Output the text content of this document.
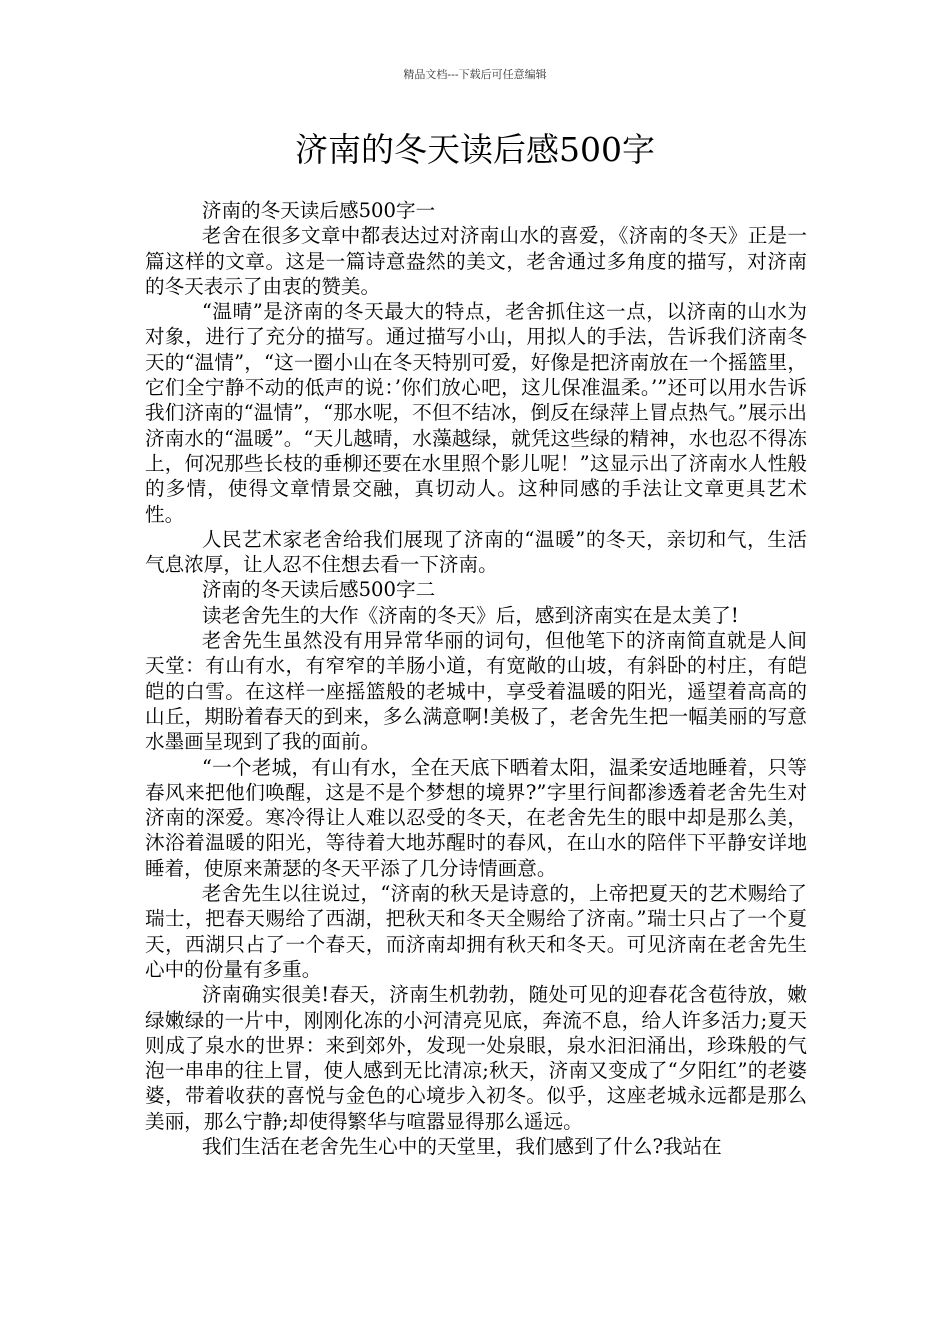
精品文档---下载后可任意编辑
济南的冬天读后感500字

济南的冬天读后感500字一

老舍在很多文章中都表达过对济南山水的喜爱，《济南的冬天》正是一篇这样的文章。这是一篇诗意盎然的美文，老舍通过多角度的描写，对济南的冬天表示了由衷的赞美。

“温晴”是济南的冬天最大的特点，老舍抓住这一点，以济南的山水为对象，进行了充分的描写。通过描写小山，用拟人的手法，告诉我们济南冬天的“温情”，“这一圈小山在冬天特别可爱，好像是把济南放在一个摇篮里，它们全宁静不动的低声的说：’你们放心吧，这儿保准温柔。’”还可以用水告诉我们济南的“温情”，“那水呢，不但不结冰，倒反在绿萍上冒点热气。”展示出济南水的“温暖”。“天儿越晴，水藻越绿，就凭这些绿的精神，水也忍不得冻上，何况那些长枝的垂柳还要在水里照个影儿呢！”这显示出了济南水人性般的多情，使得文章情景交融，真切动人。这种同感的手法让文章更具艺术性。

人民艺术家老舍给我们展现了济南的“温暖”的冬天，亲切和气，生活气息浓厚，让人忍不住想去看一下济南。

济南的冬天读后感500字二

读老舍先生的大作《济南的冬天》后，感到济南实在是太美了!

老舍先生虽然没有用异常华丽的词句，但他笔下的济南简直就是人间天堂：有山有水，有窄窄的羊肠小道，有宽敞的山坡，有斜卧的村庄，有皑皑的白雪。在这样一座摇篮般的老城中，享受着温暖的阳光，遥望着高高的山丘，期盼着春天的到来，多么满意啊!美极了，老舍先生把一幅美丽的写意水墨画呈现到了我的面前。

“一个老城，有山有水，全在天底下晒着太阳，温柔安适地睡着，只等春风来把他们唤醒，这是不是个梦想的境界?”字里行间都渗透着老舍先生对济南的深爱。寒冷得让人难以忍受的冬天，在老舍先生的眼中却是那么美，沐浴着温暖的阳光，等待着大地苏醒时的春风，在山水的陪伴下平静安详地睡着，使原来萧瑟的冬天平添了几分诗情画意。

老舍先生以往说过，“济南的秋天是诗意的，上帝把夏天的艺术赐给了瑞士，把春天赐给了西湖，把秋天和冬天全赐给了济南。”瑞士只占了一个夏天，西湖只占了一个春天，而济南却拥有秋天和冬天。可见济南在老舍先生心中的份量有多重。

济南确实很美!春天，济南生机勃勃，随处可见的迎春花含苞待放，嫩绿嫩绿的一片中，刚刚化冻的小河清亮见底，奔流不息，给人许多活力;夏天则成了泉水的世界：来到郊外，发现一处泉眼，泉水汩汩涌出，珍珠般的气泡一串串的往上冒，使人感到无比清凉;秋天，济南又变成了“夕阳红”的老婆婆，带着收获的喜悦与金色的心境步入初冬。似乎，这座老城永远都是那么美丽，那么宁静;却使得繁华与喧嚣显得那么遥远。

我们生活在老舍先生心中的天堂里，我们感到了什么?我站在
